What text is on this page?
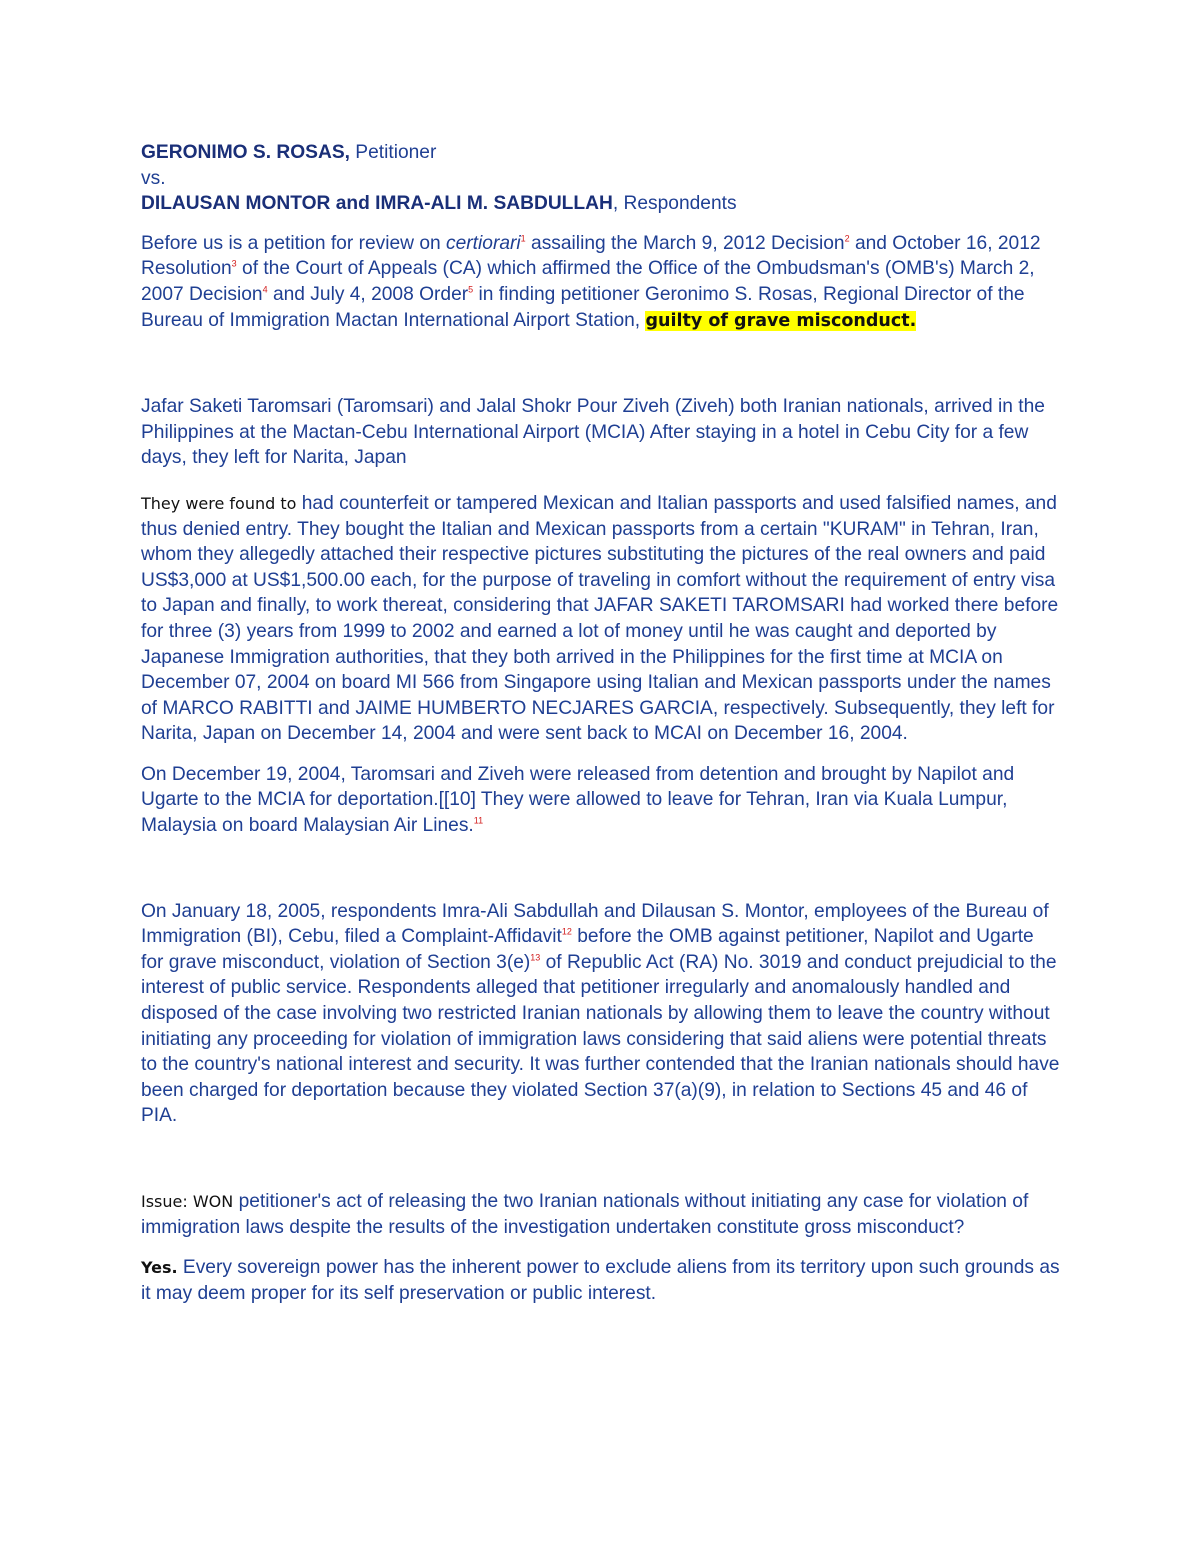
GERONIMO S. ROSAS, Petitioner

vs.

DILAUSAN MONTOR and IMRA-ALI M. SABDULLAH, Respondents

Before us is a petition for review on certiorari$^1$ assailing the March 9, 2012 Decision$^2$ and October 16, 2012 Resolution$^3$ of the Court of Appeals (CA) which affirmed the Office of the Ombudsman's (OMB's) March 2, 2007 Decision$^4$ and July 4, 2008 Order$^5$ in finding petitioner Geronimo S. Rosas, Regional Director of the Bureau of Immigration Mactan International Airport Station, guilty of grave misconduct.

Jafar Saketi Taromsari (Taromsari) and Jalal Shokr Pour Ziveh (Ziveh) both Iranian nationals, arrived in the Philippines at the Mactan-Cebu International Airport (MCIA) After staying in a hotel in Cebu City for a few days, they left for Narita, Japan

They were found to had counterfeit or tampered Mexican and Italian passports and used falsified names, and thus denied entry. They bought the Italian and Mexican passports from a certain "KURAM" in Tehran, Iran, whom they allegedly attached their respective pictures substituting the pictures of the real owners and paid US$3,000 at US$1,500.00 each, for the purpose of traveling in comfort without the requirement of entry visa to Japan and finally, to work thereat, considering that JAFAR SAKETI TAROMSARI had worked there before for three (3) years from 1999 to 2002 and earned a lot of money until he was caught and deported by Japanese Immigration authorities, that they both arrived in the Philippines for the first time at MCIA on December 07, 2004 on board MI 566 from Singapore using Italian and Mexican passports under the names of MARCO RABITTI and JAIME HUMBERTO NECJARES GARCIA, respectively. Subsequently, they left for Narita, Japan on December 14, 2004 and were sent back to MCAI on December 16, 2004.

On December 19, 2004, Taromsari and Ziveh were released from detention and brought by Napilot and Ugarte to the MCIA for deportation.[[10] They were allowed to leave for Tehran, Iran via Kuala Lumpur, Malaysia on board Malaysian Air Lines.$^{11}$

On January 18, 2005, respondents Imra-Ali Sabdullah and Dilausan S. Montor, employees of the Bureau of Immigration (BI), Cebu, filed a Complaint-Affidavit$^{12}$ before the OMB against petitioner, Napilot and Ugarte for grave misconduct, violation of Section 3(e)$^{13}$ of Republic Act (RA) No. 3019 and conduct prejudicial to the interest of public service. Respondents alleged that petitioner irregularly and anomalously handled and disposed of the case involving two restricted Iranian nationals by allowing them to leave the country without initiating any proceeding for violation of immigration laws considering that said aliens were potential threats to the country's national interest and security. It was further contended that the Iranian nationals should have been charged for deportation because they violated Section 37(a)(9), in relation to Sections 45 and 46 of PIA.

Issue: WON petitioner's act of releasing the two Iranian nationals without initiating any case for violation of immigration laws despite the results of the investigation undertaken constitute gross misconduct?

Yes. Every sovereign power has the inherent power to exclude aliens from its territory upon such grounds as it may deem proper for its self preservation or public interest.
